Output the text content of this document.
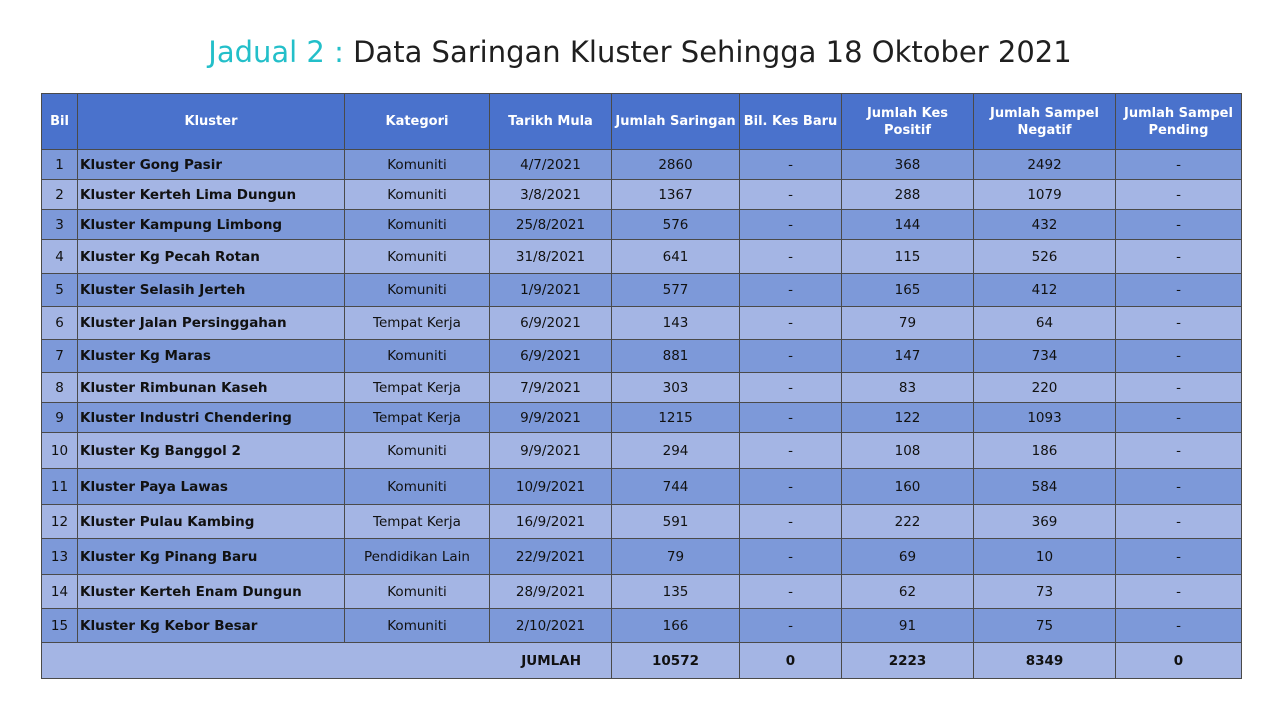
Jadual 2 : Data Saringan Kluster Sehingga 18 Oktober 2021
Bil	Kluster	Kategori	Tarikh Mula	Jumlah Saringan	Bil. Kes Baru	Jumlah Kes Positif	Jumlah Sampel Negatif	Jumlah Sampel Pending
1	Kluster Gong Pasir	Komuniti	4/7/2021	2860	-	368	2492	-
2	Kluster Kerteh Lima Dungun	Komuniti	3/8/2021	1367	-	288	1079	-
3	Kluster Kampung Limbong	Komuniti	25/8/2021	576	-	144	432	-
4	Kluster Kg Pecah Rotan	Komuniti	31/8/2021	641	-	115	526	-
5	Kluster Selasih Jerteh	Komuniti	1/9/2021	577	-	165	412	-
6	Kluster Jalan Persinggahan	Tempat Kerja	6/9/2021	143	-	79	64	-
7	Kluster Kg Maras	Komuniti	6/9/2021	881	-	147	734	-
8	Kluster Rimbunan Kaseh	Tempat Kerja	7/9/2021	303	-	83	220	-
9	Kluster Industri Chendering	Tempat Kerja	9/9/2021	1215	-	122	1093	-
10	Kluster Kg Banggol 2	Komuniti	9/9/2021	294	-	108	186	-
11	Kluster Paya Lawas	Komuniti	10/9/2021	744	-	160	584	-
12	Kluster Pulau Kambing	Tempat Kerja	16/9/2021	591	-	222	369	-
13	Kluster Kg Pinang Baru	Pendidikan Lain	22/9/2021	79	-	69	10	-
14	Kluster Kerteh Enam Dungun	Komuniti	28/9/2021	135	-	62	73	-
15	Kluster Kg Kebor Besar	Komuniti	2/10/2021	166	-	91	75	-
JUMLAH				10572	0	2223	8349	0
